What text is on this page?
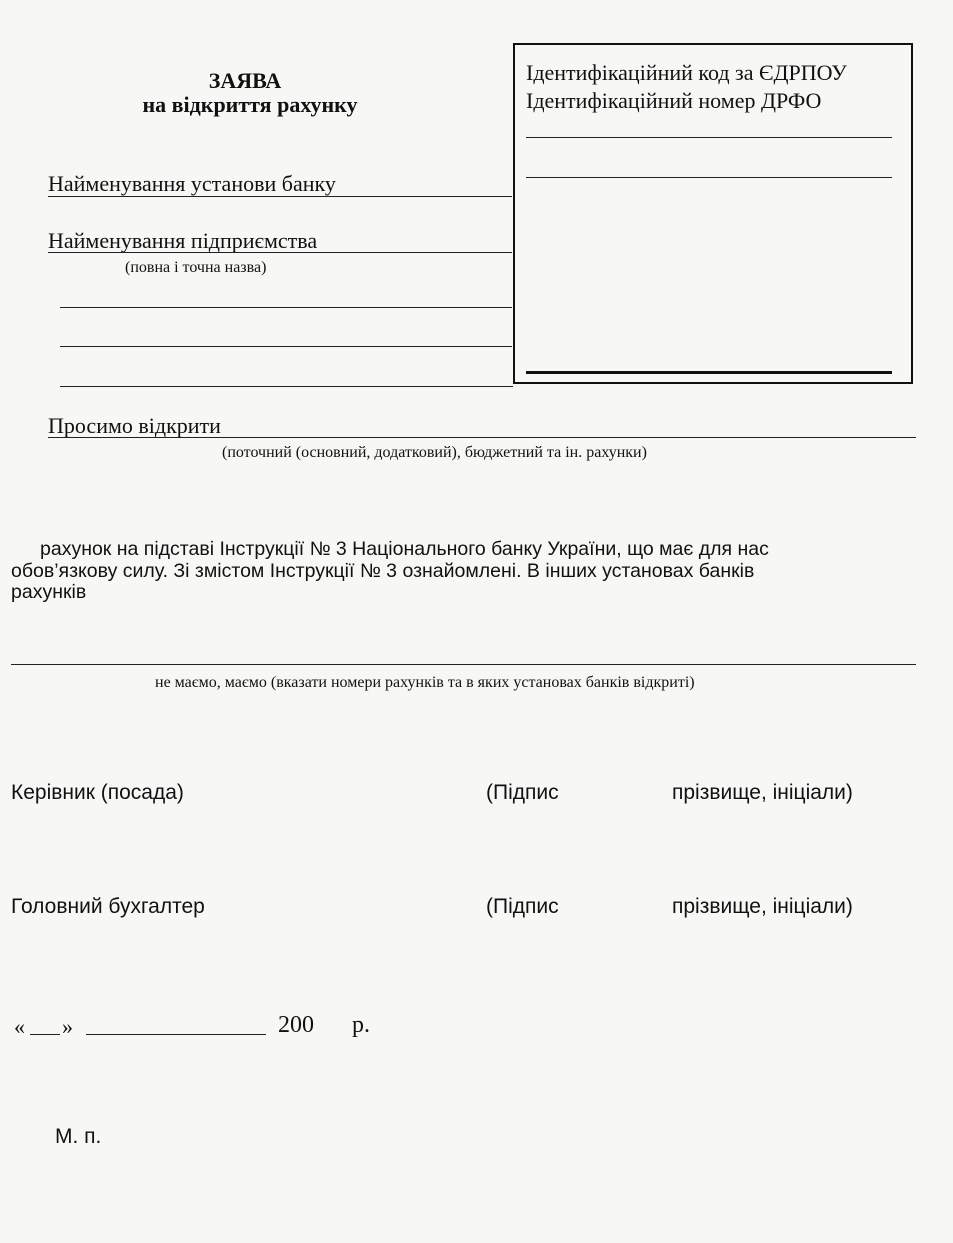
ЗАЯВА
на відкриття рахунку
Ідентифікаційний код за ЄДРПОУ
Ідентифікаційний номер ДРФО
Найменування установи банку
Найменування підприємства
(повна і точна назва)
Просимо відкрити
(поточний (основний, додатковий), бюджетний та ін. рахунки)
рахунок на підставі Інструкції № 3 Національного банку України, що має для нас
обов’язкову силу. Зі змістом Інструкції № 3 ознайомлені. В інших установах банків
рахунків
не маємо, маємо (вказати номери рахунків та в яких установах банків відкриті)
Керівник (посада)	(Підпис	прізвище, ініціали)
Головний бухгалтер	(Підпис	прізвище, ініціали)
« »	200 р.
М. п.
